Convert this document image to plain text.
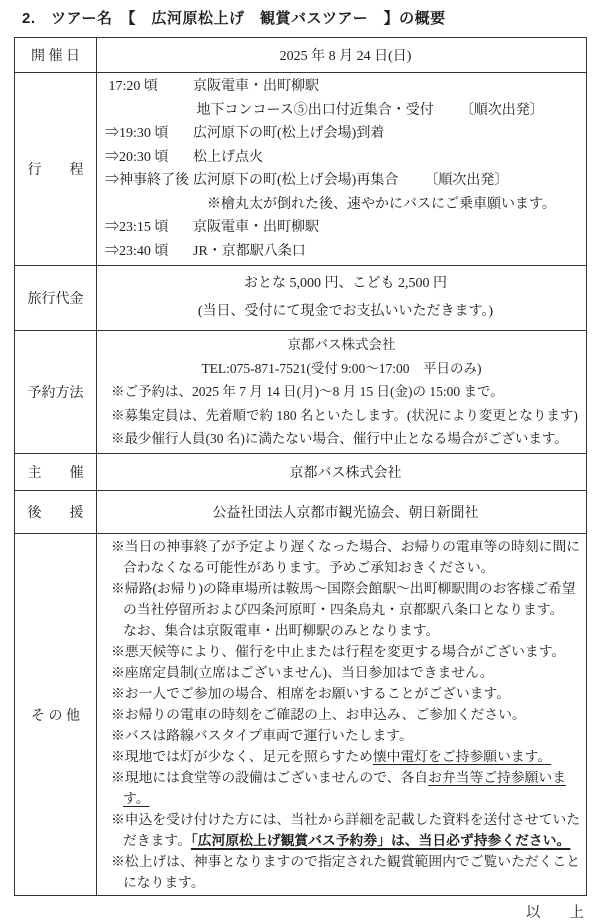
2.　ツアー名　【　広河原松上げ　観賞バスツアー　】の概要
開 催 日	2025 年 8 月 24 日(日)
行　　程	
17:20 頃	京阪電車・出町柳駅
地下コンコース⑤出口付近集合・受付 〔順次出発〕
⇒19:30 頃	広河原下の町(松上げ会場)到着
⇒20:30 頃	松上げ点火
⇒神事終了後 広河原下の町(松上げ会場)再集合 〔順次出発〕
　※檜丸太が倒れた後、速やかにバスにご乗車願います。
⇒23:15 頃	京阪電車・出町柳駅
⇒23:40 頃	JR・京都駅八条口

旅行代金	おとな 5,000 円、こども 2,500 円
(当日、受付にて現金でお支払いいただきます。)

予約方法	京都バス株式会社
TEL:075-871-7521(受付 9:00〜17:00　平日のみ)
※ご予約は、2025 年 7 月 14 日(月)〜8 月 15 日(金)の 15:00 まで。
※募集定員は、先着順で約 180 名といたします。(状況により変更となります)
※最少催行人員(30 名)に満たない場合、催行中止となる場合がございます。

主　　催	京都バス株式会社
後　　援	公益社団法人京都市観光協会、朝日新聞社
そ の 他	
※当日の神事終了が予定より遅くなった場合、お帰りの電車等の時刻に間に合わなくなる可能性があります。予めご承知おきください。
※帰路(お帰り)の降車場所は鞍馬〜国際会館駅〜出町柳駅間のお客様ご希望の当社停留所および四条河原町・四条烏丸・京都駅八条口となります。
なお、集合は京阪電車・出町柳駅のみとなります。
※悪天候等により、催行を中止または行程を変更する場合がございます。
※座席定員制(立席はございません)、当日参加はできません。
※お一人でご参加の場合、相席をお願いすることがございます。
※お帰りの電車の時刻をご確認の上、お申込み、ご参加ください。
※バスは路線バスタイプ車両で運行いたします。
※現地では灯が少なく、足元を照らすため懐中電灯をご持参願います。
※現地には食堂等の設備はございませんので、各自お弁当等ご持参願います。
※申込を受け付けた方には、当社から詳細を記載した資料を送付させていただきます。「広河原松上げ観賞バス予約券」は、当日必ず持参ください。
※松上げは、神事となりますので指定された観賞範囲内でご覧いただくことになります。
以　　上
